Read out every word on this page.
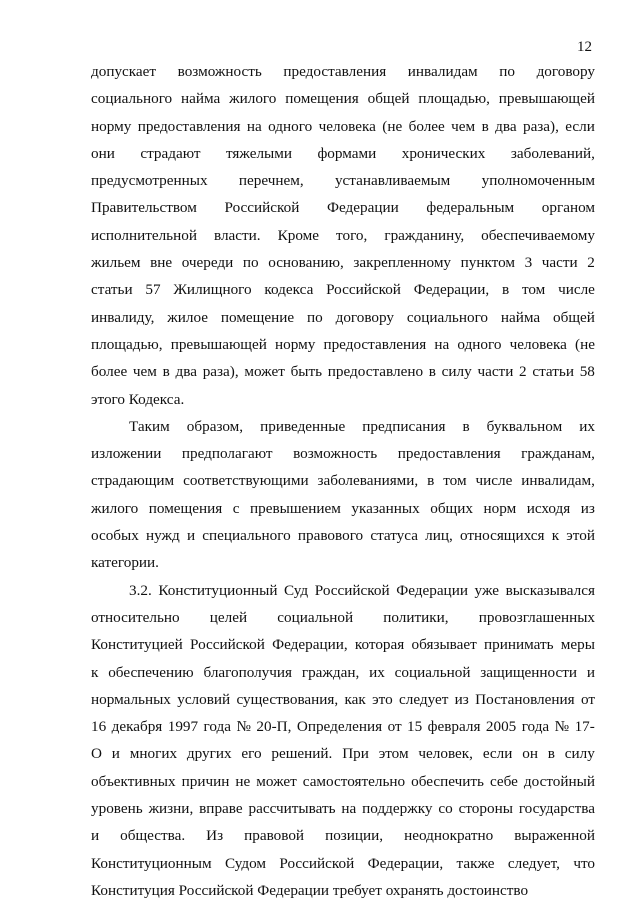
12
допускает возможность предоставления инвалидам по договору
социального найма жилого помещения общей площадью, превышающей
норму предоставления на одного человека (не более чем в два раза), если
они страдают тяжелыми формами хронических заболеваний,
предусмотренных перечнем, устанавливаемым уполномоченным
Правительством Российской Федерации федеральным органом
исполнительной власти. Кроме того, гражданину, обеспечиваемому
жильем вне очереди по основанию, закрепленному пунктом 3 части 2
статьи 57 Жилищного кодекса Российской Федерации, в том числе
инвалиду, жилое помещение по договору социального найма общей
площадью, превышающей норму предоставления на одного человека (не
более чем в два раза), может быть предоставлено в силу части 2 статьи 58
этого Кодекса.
Таким образом, приведенные предписания в буквальном их
изложении предполагают возможность предоставления гражданам,
страдающим соответствующими заболеваниями, в том числе инвалидам,
жилого помещения с превышением указанных общих норм исходя из
особых нужд и специального правового статуса лиц, относящихся к этой
категории.
3.2. Конституционный Суд Российской Федерации уже высказывался
относительно целей социальной политики, провозглашенных
Конституцией Российской Федерации, которая обязывает принимать меры
к обеспечению благополучия граждан, их социальной защищенности и
нормальных условий существования, как это следует из Постановления от
16 декабря 1997 года № 20-П, Определения от 15 февраля 2005 года № 17-
О и многих других его решений. При этом человек, если он в силу
объективных причин не может самостоятельно обеспечить себе достойный
уровень жизни, вправе рассчитывать на поддержку со стороны государства
и общества. Из правовой позиции, неоднократно выраженной
Конституционным Судом Российской Федерации, также следует, что
Конституция Российской Федерации требует охранять достоинство
